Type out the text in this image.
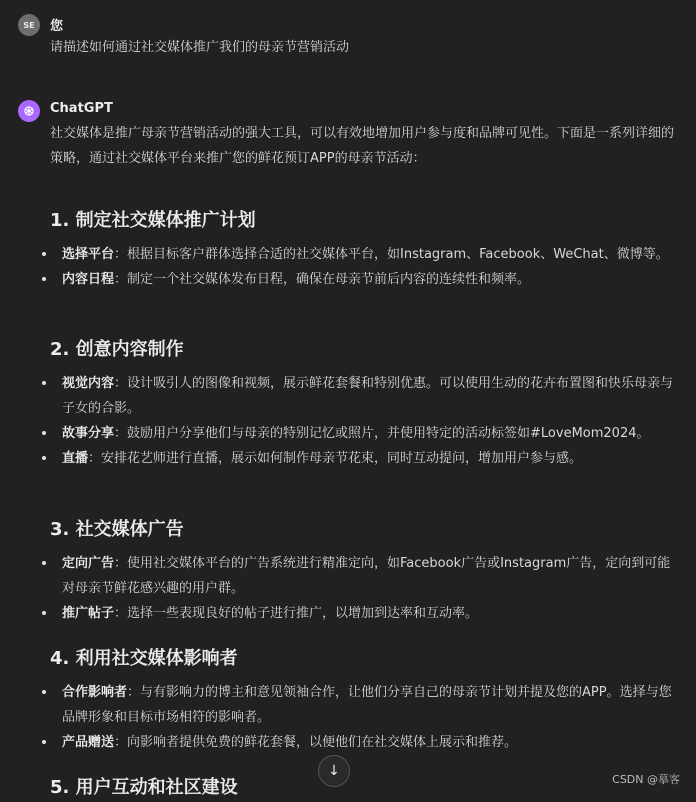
SE	您
请描述如何通过社交媒体推广我们的母亲节营销活动
ChatGPT

社交媒体是推广母亲节营销活动的强大工具，可以有效地增加用户参与度和品牌可见性。下面是一系列详细的策略，通过社交媒体平台来推广您的鲜花预订APP的母亲节活动：

1. 制定社交媒体推广计划
选择平台：根据目标客户群体选择合适的社交媒体平台，如Instagram、Facebook、WeChat、微博等。
内容日程：制定一个社交媒体发布日程，确保在母亲节前后内容的连续性和频率。
2. 创意内容制作
视觉内容：设计吸引人的图像和视频，展示鲜花套餐和特别优惠。可以使用生动的花卉布置图和快乐母亲与子女的合影。
故事分享：鼓励用户分享他们与母亲的特别记忆或照片，并使用特定的活动标签如#LoveMom2024。
直播：安排花艺师进行直播，展示如何制作母亲节花束，同时互动提问，增加用户参与感。
3. 社交媒体广告
定向广告：使用社交媒体平台的广告系统进行精准定向，如Facebook广告或Instagram广告，定向到可能对母亲节鲜花感兴趣的用户群。
推广帖子：选择一些表现良好的帖子进行推广，以增加到达率和互动率。
4. 利用社交媒体影响者
合作影响者：与有影响力的博主和意见领袖合作，让他们分享自己的母亲节计划并提及您的APP。选择与您品牌形象和目标市场相符的影响者。
产品赠送：向影响者提供免费的鲜花套餐，以便他们在社交媒体上展示和推荐。
5. 用户互动和社区建设
↓
CSDN @摹客
